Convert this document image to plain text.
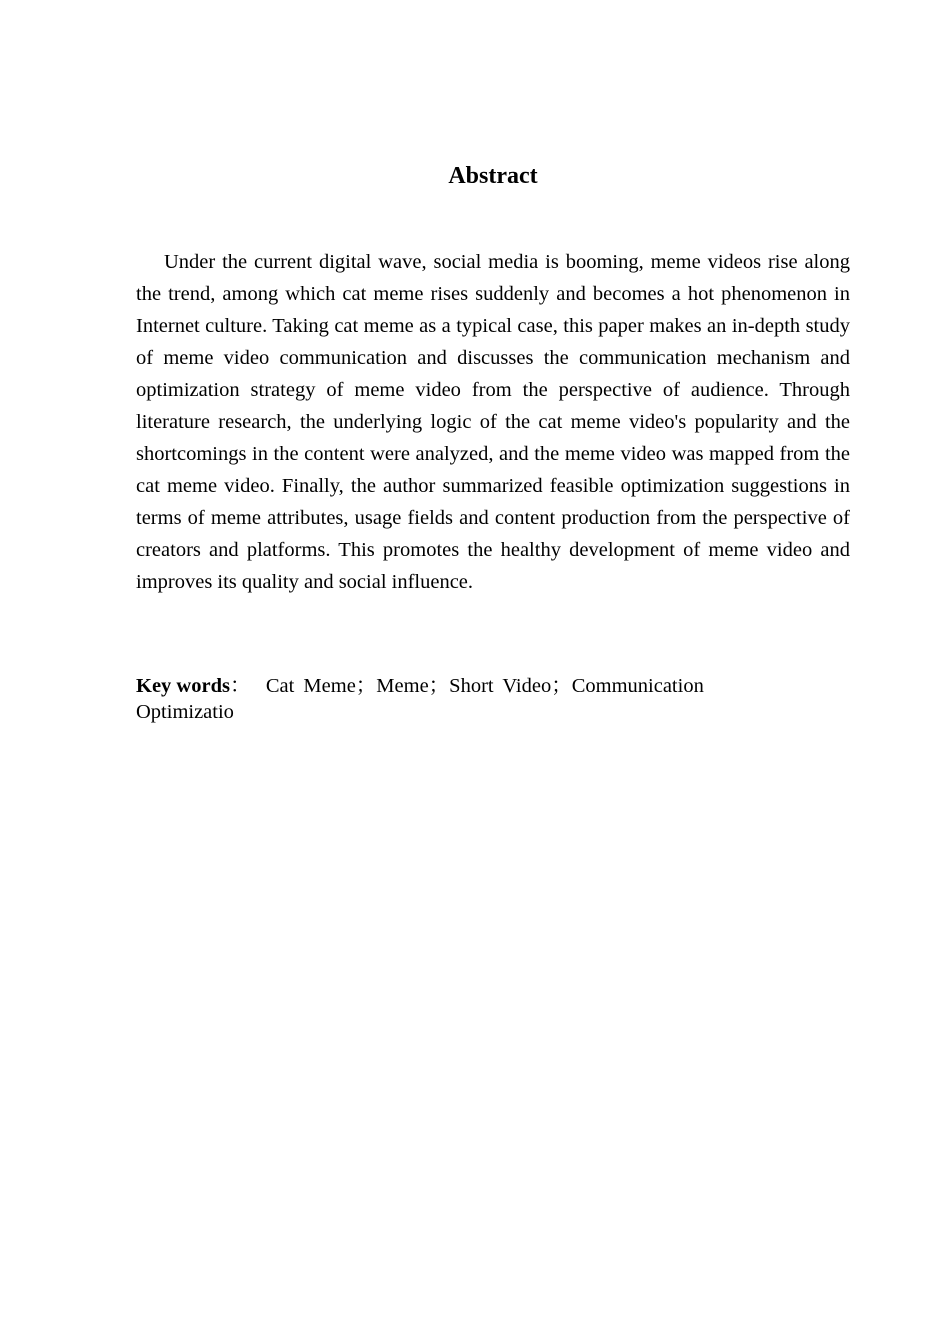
Abstract

Under the current digital wave, social media is booming, meme videos rise along the trend, among which cat meme rises suddenly and becomes a hot phenomenon in Internet culture. Taking cat meme as a typical case, this paper makes an in-depth study of meme video communication and discusses the communication mechanism and optimization strategy of meme video from the perspective of audience. Through literature research, the underlying logic of the cat meme video's popularity and the shortcomings in the content were analyzed, and the meme video was mapped from the cat meme video. Finally, the author summarized feasible optimization suggestions in terms of meme attributes, usage fields and content production from the perspective of creators and platforms. This promotes the healthy development of meme video and improves its quality and social influence.

Key words： Cat Meme；Meme；Short Video；Communication
Optimizatio
